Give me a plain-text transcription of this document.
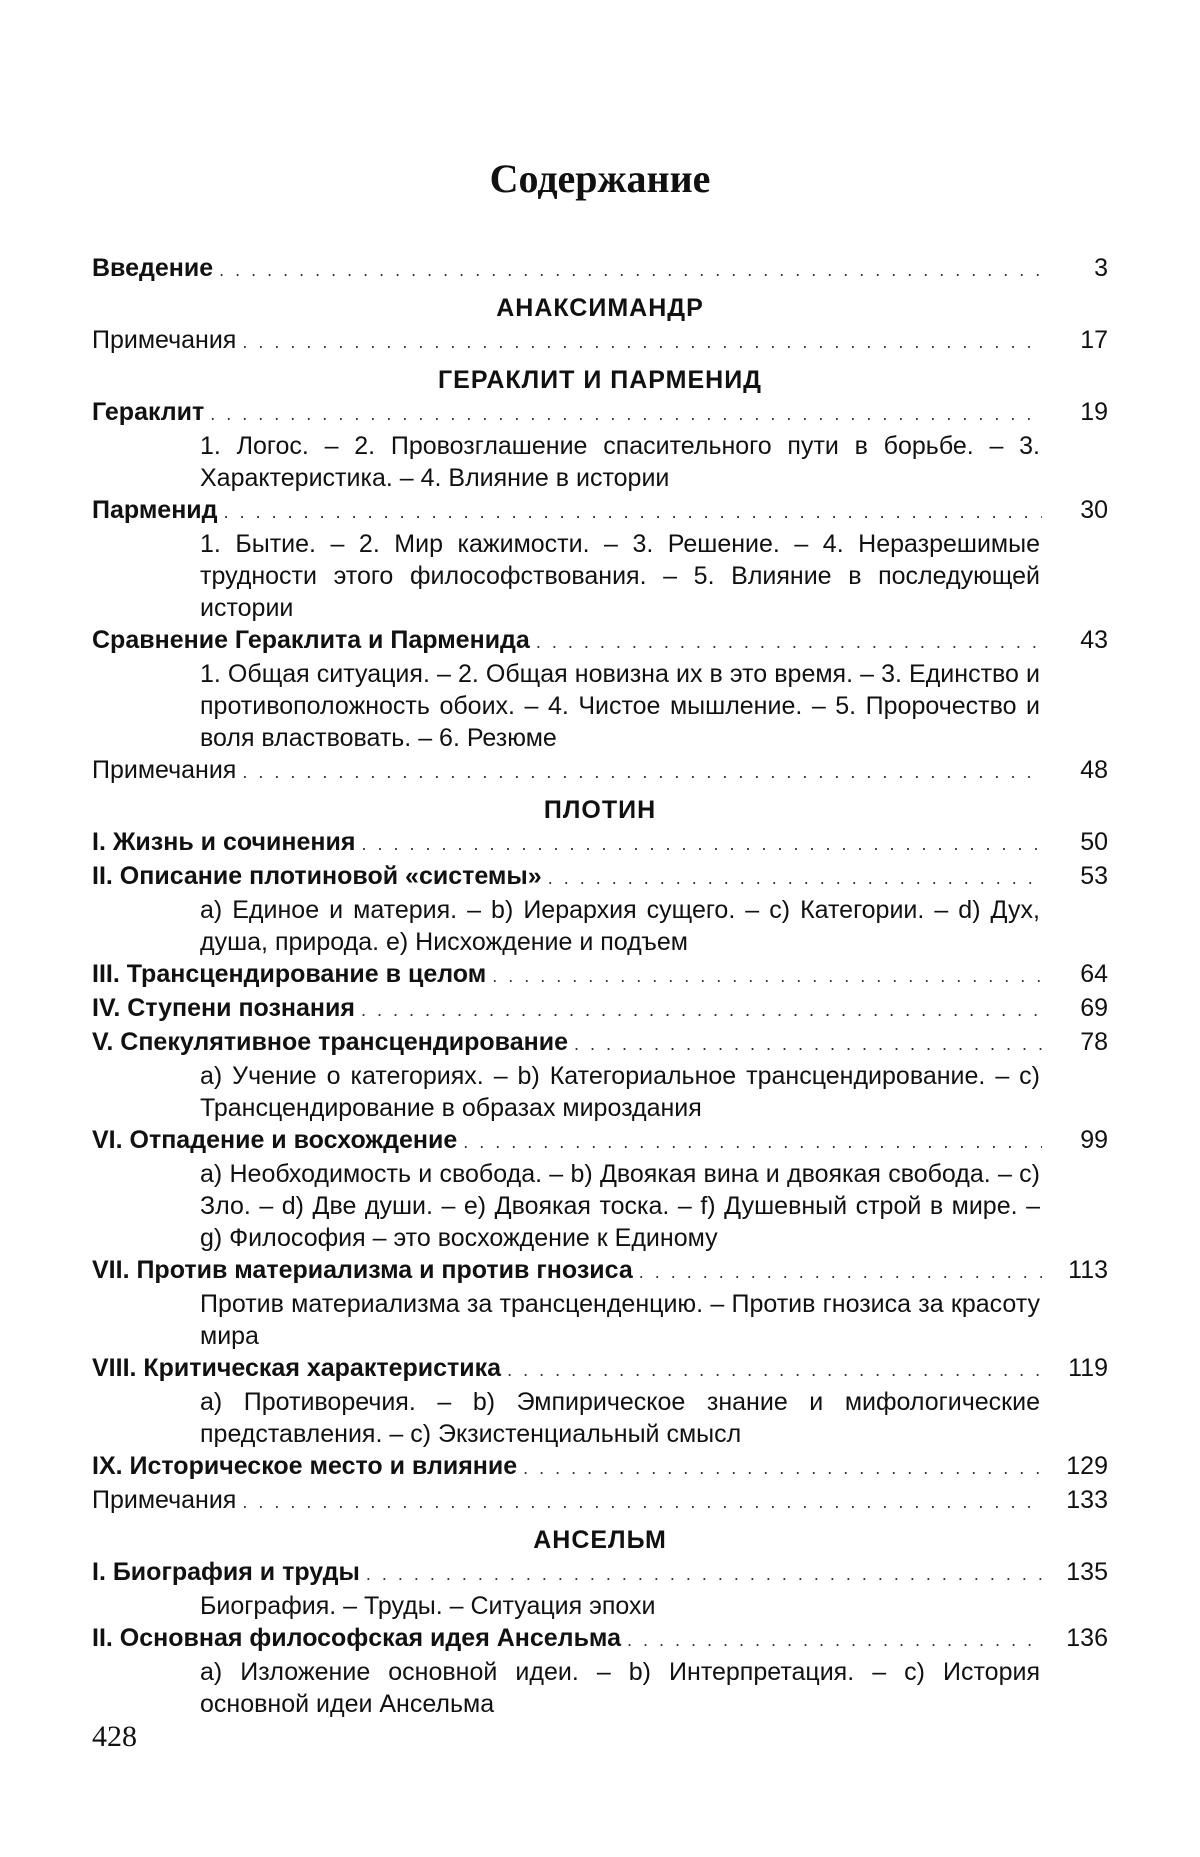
Содержание
Введение . . .	3
АНАКСИМАНДР
Примечания . . .	17
ГЕРАКЛИТ И ПАРМЕНИД
Гераклит . . .	19
1. Логос. – 2. Провозглашение спасительного пути в борьбе. – 3. Характеристика. – 4. Влияние в истории
Парменид . . .	30
1. Бытие. – 2. Мир кажимости. – 3. Решение. – 4. Неразрешимые трудности этого философствования. – 5. Влияние в последующей истории
Сравнение Гераклита и Парменида . . .	43
1. Общая ситуация. – 2. Общая новизна их в это время. – 3. Единство и противоположность обоих. – 4. Чистое мышление. – 5. Пророчество и воля властвовать. – 6. Резюме
Примечания . . .	48
ПЛОТИН
I. Жизнь и сочинения . . .	50
II. Описание плотиновой «системы» . . .	53
a) Единое и материя. – b) Иерархия сущего. – c) Категории. – d) Дух, душа, природа. e) Нисхождение и подъем
III. Трансцендирование в целом . . .	64
IV. Ступени познания . . .	69
V. Спекулятивное трансцендирование . . .	78
a) Учение о категориях. – b) Категориальное трансцендирование. – c) Трансцендирование в образах мироздания
VI. Отпадение и восхождение . . .	99
a) Необходимость и свобода. – b) Двоякая вина и двоякая свобода. – c) Зло. – d) Две души. – e) Двоякая тоска. – f) Душевный строй в мире. – g) Философия – это восхождение к Единому
VII. Против материализма и против гнозиса . . .	113
Против материализма за трансценденцию. – Против гнозиса за красоту мира
VIII. Критическая характеристика . . .	119
a) Противоречия. – b) Эмпирическое знание и мифологические представления. – c) Экзистенциальный смысл
IX. Историческое место и влияние . . .	129
Примечания . . .	133
АНСЕЛЬМ
I. Биография и труды . . .	135
Биография. – Труды. – Ситуация эпохи
II. Основная философская идея Ансельма . . .	136
a) Изложение основной идеи. – b) Интерпретация. – c) История основной идеи Ансельма
428
